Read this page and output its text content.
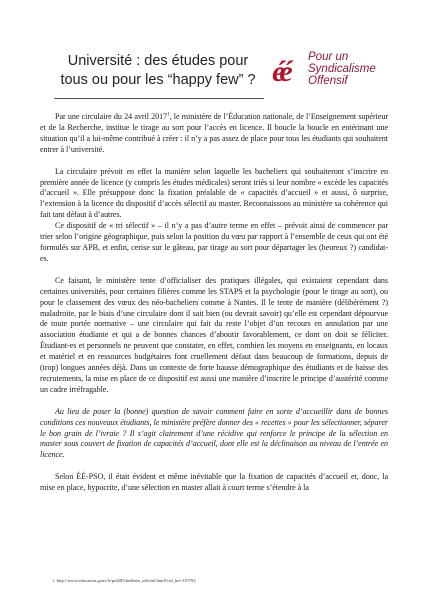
Université : des études pour
tous ou pour les “happy few” ? éé	Pour un
Syndicalisme
Offensif

Par une circulaire du 24 avril 2017$^1$, le ministère de l’Éducation nationale, de l’Enseignement supérieur et de la Recherche, institue le tirage au sort pour l’accès en licence. Il boucle la boucle en entérinant une situation qu’il a lui-même contribué à créer : il n’y a pas assez de place pour tous les étudiants qui souhaitent entrer à l’université.

La circulaire prévoit en effet la manière selon laquelle les bacheliers qui souhaiteront s’inscrire en première année de licence (y compris les études médicales) seront triés si leur nombre « excède les capacités d’accueil ». Elle présuppose donc la fixation préalable de « capacités d’accueil » et aussi, ô surprise, l’extension à la licence du dispositif d’accès sélectif au master. Reconnaissons au ministère sa cohérence qui fait tant défaut à d’autres.

Ce dispositif de « tri sélectif » – il n’y a pas d’autre terme en effet – prévoit ainsi de commencer par trier selon l’origine géographique, puis selon la position du vœu par rapport à l’ensemble de ceux qui ont été formulés sur APB, et enfin, cerise sur le gâteau, par tirage au sort pour départager les (heureux ?) candidat-es.

Ce faisant, le ministère tente d’officialiser des pratiques illégales, qui existaient cependant dans certaines universités, pour certaines filières comme les STAPS et la psychologie (pour le tirage au sort), ou pour le classement des vœux des néo-bacheliers comme à Nantes. Il le tente de manière (délibérément ?) maladroite, par le biais d’une circulaire dont il sait bien (ou devrait savoir) qu’elle est cependant dépourvue de toute portée normative – une circulaire qui fait du reste l’objet d’un recours en annulation par une association étudiante et qui a de bonnes chances d’aboutir favorablement, ce dont on doit se féliciter. Étudiant-es et personnels ne peuvent que constater, en effet, combien les moyens en enseignants, en locaux et matériel et en ressources budgétaires font cruellement défaut dans beaucoup de formations, depuis de (trop) longues années déjà. Dans un contexte de forte hausse démographique des étudiants et de baisse des recrutements, la mise en place de ce dispositif est aussi une manière d’inscrire le principe d’austérité comme un cadre irréfragable.

Au lieu de poser la (bonne) question de savoir comment faire en sorte d’accueillir dans de bonnes conditions ces nouveaux étudiants, le ministère préfère donner des « recettes » pour les sélectionner, séparer le bon grain de l’ivraie ? Il s’agit clairement d’une récidive qui renforce le principe de la sélection en master sous couvert de fixation de capacités d’accueil, dont elle est la déclinaison au niveau de l’entrée en licence.

Selon ÉÉ-PSO, il était évident et même inévitable que la fixation de capacités d’accueil et, donc, la mise en place, hypocrite, d’une sélection en master allait à court terme s’étendre à la

1. http://www.education.gouv.fr/pid285/bulletin_officiel.html?cid_bo=115792
